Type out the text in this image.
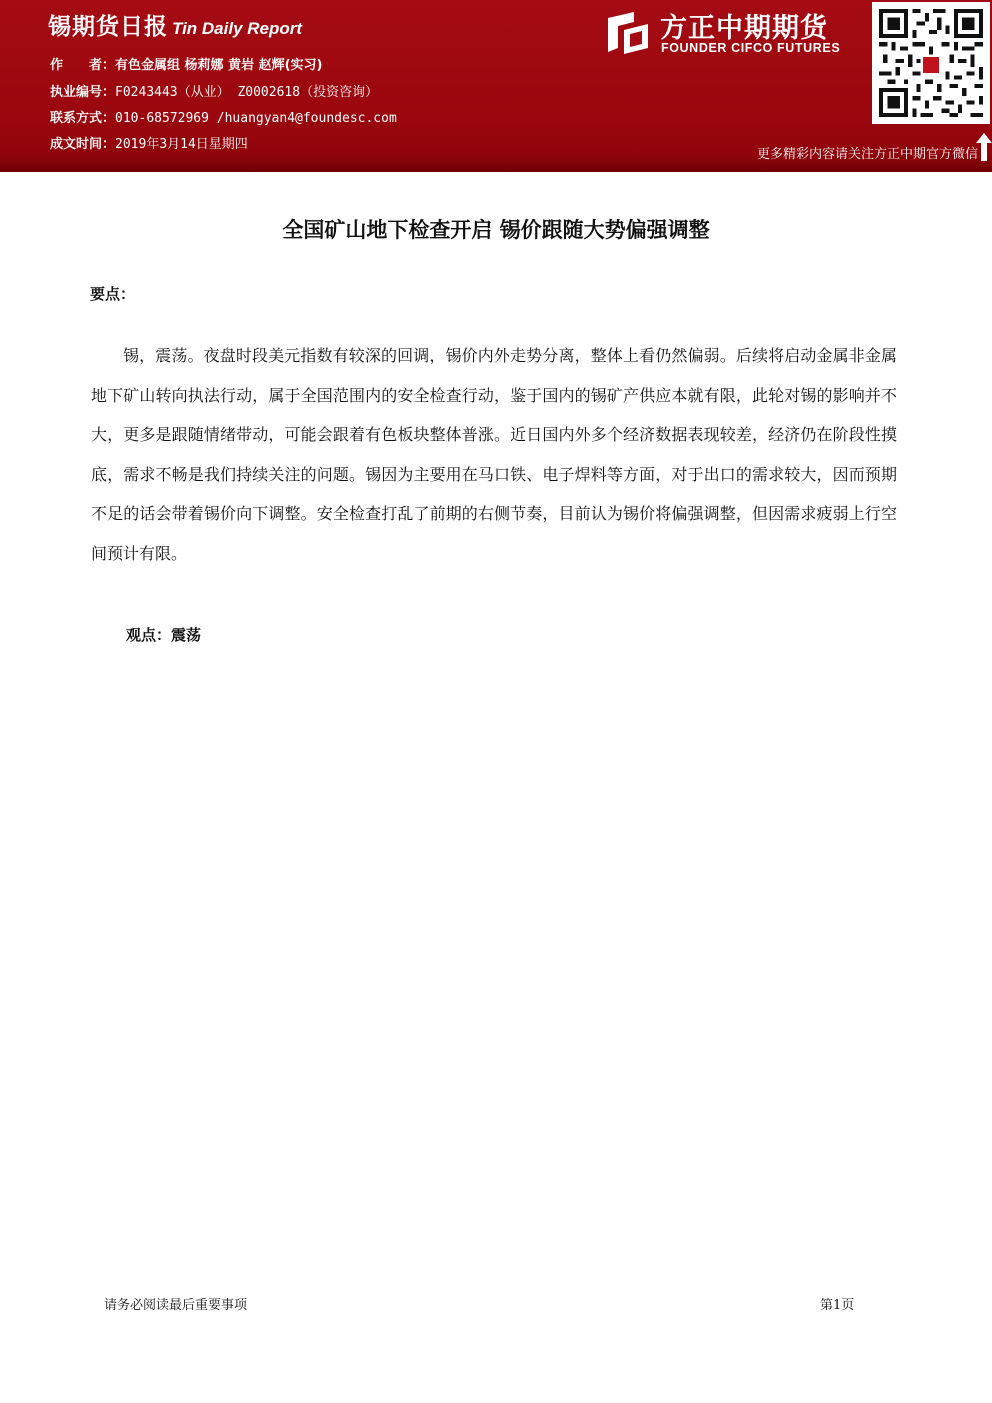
锡期货日报 Tin Daily Report
作　　者：有色金属组 杨莉娜 黄岩 赵辉(实习)
执业编号：F0243443（从业） Z0002618（投资咨询）
联系方式：010-68572969 /huangyan4@foundesc.com
成文时间：2019年3月14日星期四
方正中期期货
FOUNDER CIFCO FUTURES
更多精彩内容请关注方正中期官方微信
全国矿山地下检查开启 锡价跟随大势偏强调整
要点：
锡，震荡。夜盘时段美元指数有较深的回调，锡价内外走势分离，整体上看仍然偏弱。后续将启动金属非金属地下矿山转向执法行动，属于全国范围内的安全检查行动，鉴于国内的锡矿产供应本就有限，此轮对锡的影响并不大，更多是跟随情绪带动，可能会跟着有色板块整体普涨。近日国内外多个经济数据表现较差，经济仍在阶段性摸底，需求不畅是我们持续关注的问题。锡因为主要用在马口铁、电子焊料等方面，对于出口的需求较大，因而预期不足的话会带着锡价向下调整。安全检查打乱了前期的右侧节奏，目前认为锡价将偏强调整，但因需求疲弱上行空间预计有限。
观点：震荡
请务必阅读最后重要事项	第1页
